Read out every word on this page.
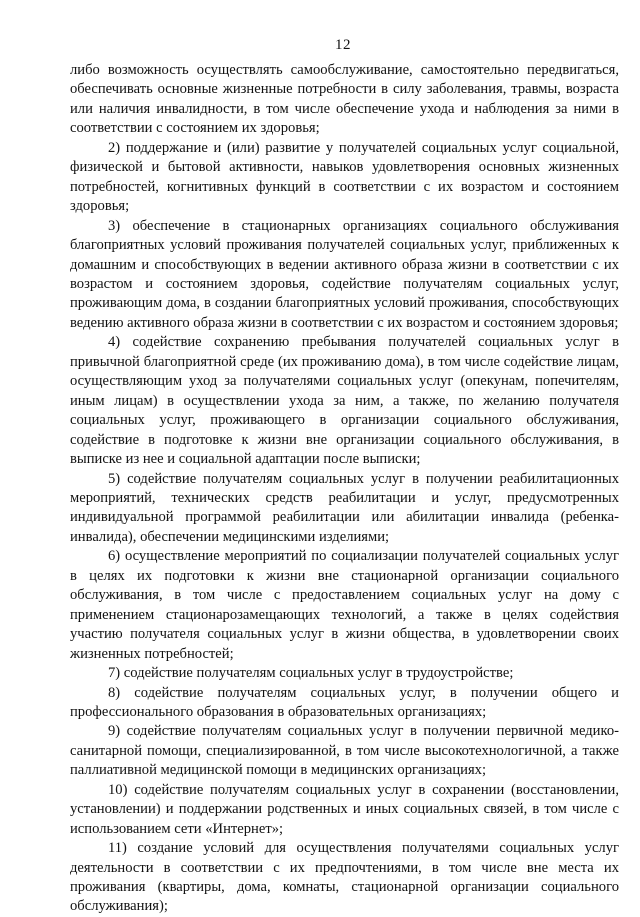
12

либо возможность осуществлять самообслуживание, самостоятельно передвигаться, обеспечивать основные жизненные потребности в силу заболевания, травмы, возраста или наличия инвалидности, в том числе обеспечение ухода и наблюдения за ними в соответствии с состоянием их здоровья;

2) поддержание и (или) развитие у получателей социальных услуг социальной, физической и бытовой активности, навыков удовлетворения основных жизненных потребностей, когнитивных функций в соответствии с их возрастом и состоянием здоровья;

3) обеспечение в стационарных организациях социального обслуживания благоприятных условий проживания получателей социальных услуг, приближенных к домашним и способствующих в ведении активного образа жизни в соответствии с их возрастом и состоянием здоровья, содействие получателям социальных услуг, проживающим дома, в создании благоприятных условий проживания, способствующих ведению активного образа жизни в соответствии с их возрастом и состоянием здоровья;

4) содействие сохранению пребывания получателей социальных услуг в привычной благоприятной среде (их проживанию дома), в том числе содействие лицам, осуществляющим уход за получателями социальных услуг (опекунам, попечителям, иным лицам) в осуществлении ухода за ним, а также, по желанию получателя социальных услуг, проживающего в организации социального обслуживания, содействие в подготовке к жизни вне организации социального обслуживания, в выписке из нее и социальной адаптации после выписки;

5) содействие получателям социальных услуг в получении реабилитационных мероприятий, технических средств реабилитации и услуг, предусмотренных индивидуальной программой реабилитации или абилитации инвалида (ребенка-инвалида), обеспечении медицинскими изделиями;

6) осуществление мероприятий по социализации получателей социальных услуг в целях их подготовки к жизни вне стационарной организации социального обслуживания, в том числе с предоставлением социальных услуг на дому с применением стационарозамещающих технологий, а также в целях содействия участию получателя социальных услуг в жизни общества, в удовлетворении своих жизненных потребностей;

7) содействие получателям социальных услуг в трудоустройстве;

8) содействие получателям социальных услуг, в получении общего и профессионального образования в образовательных организациях;

9) содействие получателям социальных услуг в получении первичной медико-санитарной помощи, специализированной, в том числе высокотехнологичной, а также паллиативной медицинской помощи в медицинских организациях;

10) содействие получателям социальных услуг в сохранении (восстановлении, установлении) и поддержании родственных и иных социальных связей, в том числе с использованием сети «Интернет»;

11) создание условий для осуществления получателями социальных услуг деятельности в соответствии с их предпочтениями, в том числе вне места их проживания (квартиры, дома, комнаты, стационарной организации социального обслуживания);
